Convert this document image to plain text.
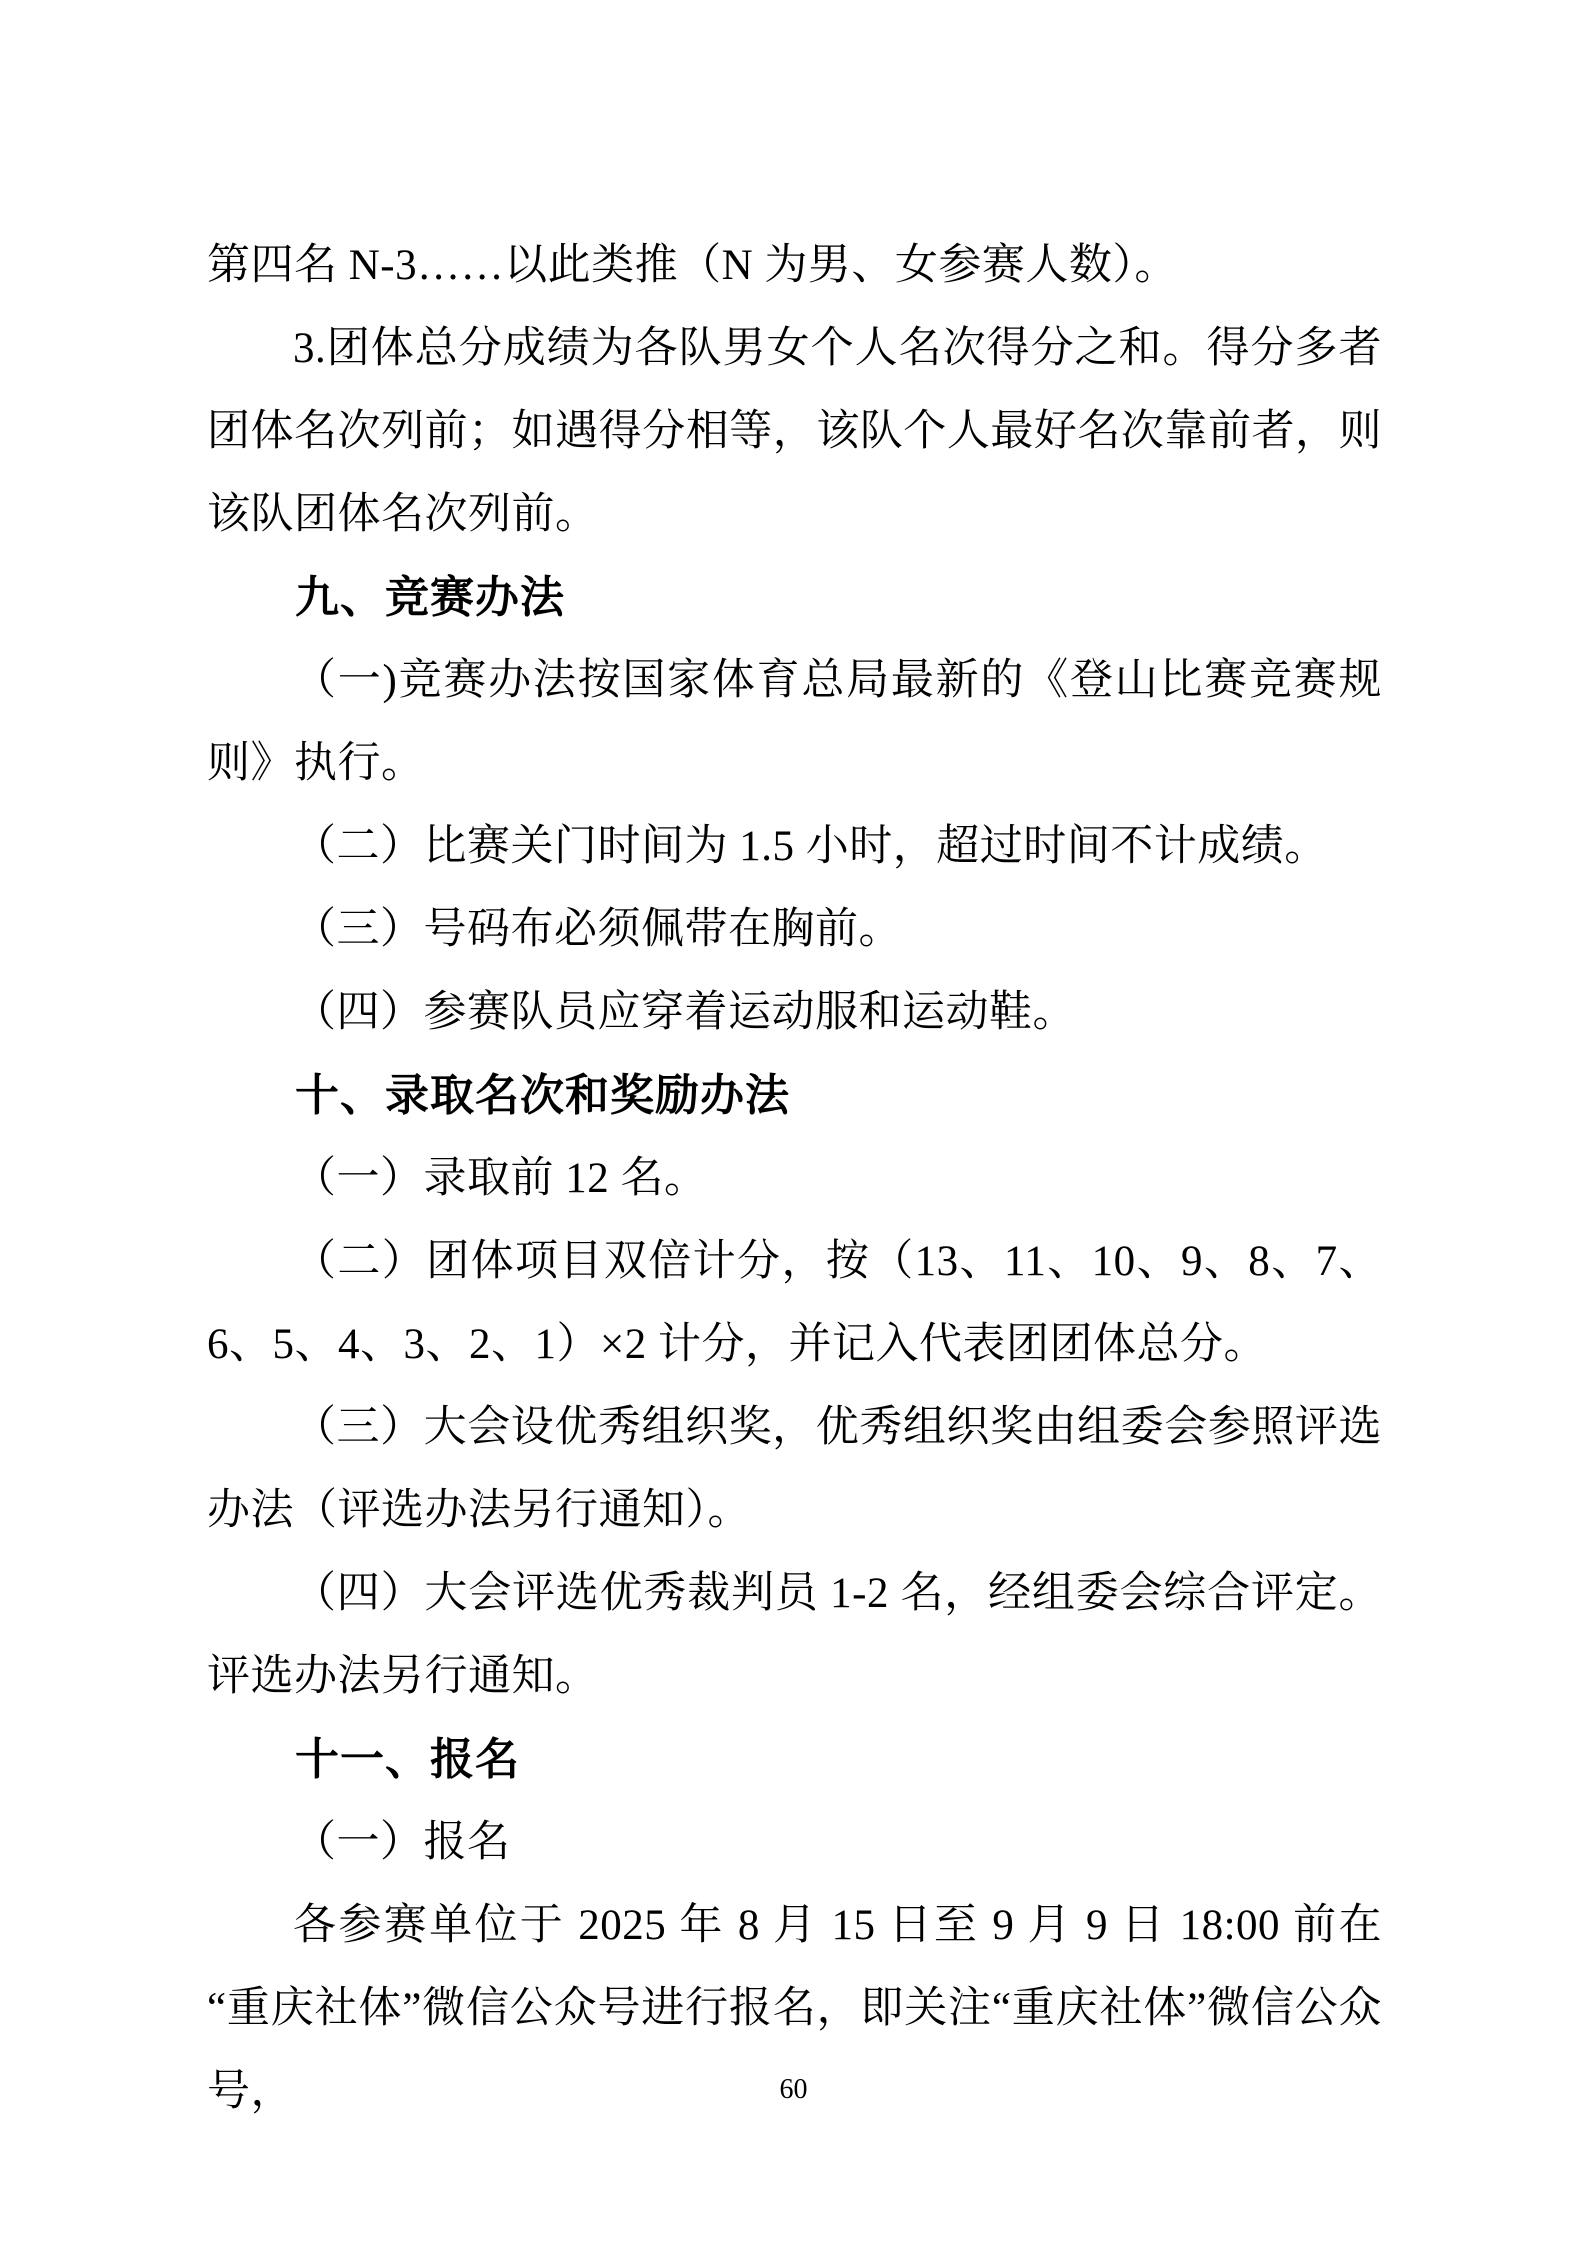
第四名 N-3……以此类推（N 为男、女参赛人数）。

3.团体总分成绩为各队男女个人名次得分之和。得分多者团体名次列前；如遇得分相等，该队个人最好名次靠前者，则该队团体名次列前。

九、竞赛办法

（一)竞赛办法按国家体育总局最新的《登山比赛竞赛规则》执行。

（二）比赛关门时间为 1.5 小时，超过时间不计成绩。

（三）号码布必须佩带在胸前。

（四）参赛队员应穿着运动服和运动鞋。

十、录取名次和奖励办法

（一）录取前 12 名。

（二）团体项目双倍计分，按（13、11、10、9、8、7、6、5、4、3、2、1）×2 计分，并记入代表团团体总分。

（三）大会设优秀组织奖，优秀组织奖由组委会参照评选办法（评选办法另行通知）。

（四）大会评选优秀裁判员 1-2 名，经组委会综合评定。评选办法另行通知。

十一、报名

（一）报名

各参赛单位于 2025 年 8 月 15 日至 9 月 9 日 18:00 前在“重庆社体”微信公众号进行报名，即关注“重庆社体”微信公众号，	60
